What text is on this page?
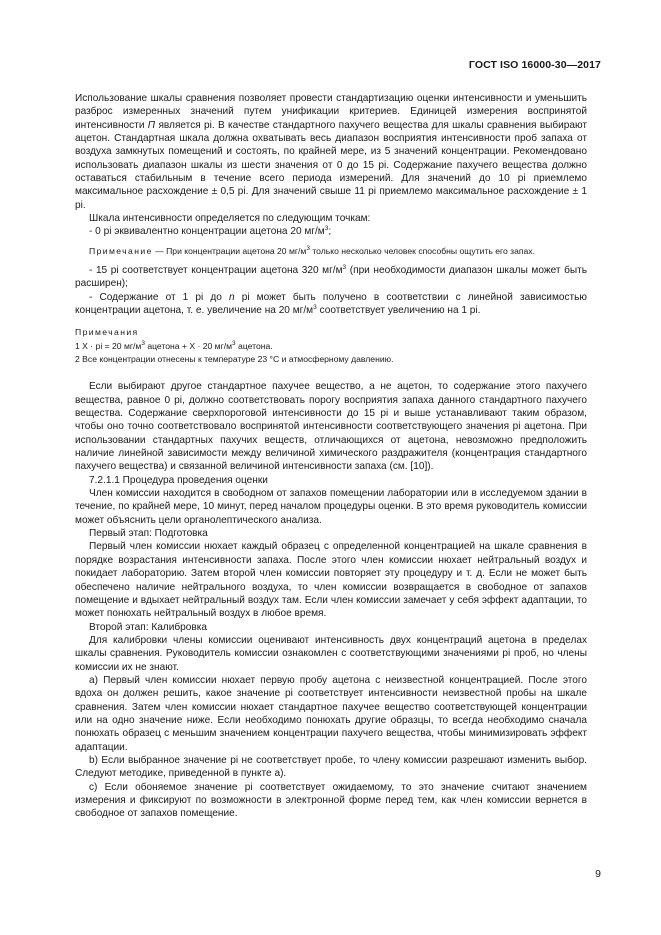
ГОСТ ISO 16000-30—2017

Использование шкалы сравнения позволяет провести стандартизацию оценки интенсивности и уменьшить разброс измеренных значений путем унификации критериев. Единицей измерения воспринятой интенсивности П является pi. В качестве стандартного пахучего вещества для шкалы сравнения выбирают ацетон. Стандартная шкала должна охватывать весь диапазон восприятия интенсивности проб запаха от воздуха замкнутых помещений и состоять, по крайней мере, из 5 значений концентрации. Рекомендовано использовать диапазон шкалы из шести значения от 0 до 15 pi. Содержание пахучего вещества должно оставаться стабильным в течение всего периода измерений. Для значений до 10 pi приемлемо максимальное расхождение ± 0,5 pi. Для значений свыше 11 pi приемлемо максимальное расхождение ± 1 pi.

Шкала интенсивности определяется по следующим точкам:

- 0 pi эквивалентно концентрации ацетона 20 $мг/м^3$;

Примечание — При концентрации ацетона 20 $мг/м^3$ только несколько человек способны ощутить его запах.

- 15 pi соответствует концентрации ацетона 320 $мг/м^3$ (при необходимости диапазон шкалы может быть расширен);

- Содержание от 1 pi до n pi может быть получено в соответствии с линейной зависимостью концентрации ацетона, т. е. увеличение на 20 $мг/м^3$ соответствует увеличению на 1 pi.

Примечания

1 X · pi = 20 $мг/м^3$ ацетона + X · 20 $мг/м^3$ ацетона.

2 Все концентрации отнесены к температуре 23 °С и атмосферному давлению.

Если выбирают другое стандартное пахучее вещество, а не ацетон, то содержание этого пахучего вещества, равное 0 pi, должно соответствовать порогу восприятия запаха данного стандартного пахучего вещества. Содержание сверхпороговой интенсивности до 15 pi и выше устанавливают таким образом, чтобы оно точно соответствовало воспринятой интенсивности соответствующего значения pi ацетона. При использовании стандартных пахучих веществ, отличающихся от ацетона, невозможно предположить наличие линейной зависимости между величиной химического раздражителя (концентрация стандартного пахучего вещества) и связанной величиной интенсивности запаха (см. [10]).

7.2.1.1 Процедура проведения оценки

Член комиссии находится в свободном от запахов помещении лаборатории или в исследуемом здании в течение, по крайней мере, 10 минут, перед началом процедуры оценки. В это время руководитель комиссии может объяснить цели органолептического анализа.

Первый этап: Подготовка

Первый член комиссии нюхает каждый образец с определенной концентрацией на шкале сравнения в порядке возрастания интенсивности запаха. После этого член комиссии нюхает нейтральный воздух и покидает лабораторию. Затем второй член комиссии повторяет эту процедуру и т. д. Если не может быть обеспечено наличие нейтрального воздуха, то член комиссии возвращается в свободное от запахов помещение и вдыхает нейтральный воздух там. Если член комиссии замечает у себя эффект адаптации, то может понюхать нейтральный воздух в любое время.

Второй этап: Калибровка

Для калибровки члены комиссии оценивают интенсивность двух концентраций ацетона в пределах шкалы сравнения. Руководитель комиссии ознакомлен с соответствующими значениями pi проб, но члены комиссии их не знают.

a) Первый член комиссии нюхает первую пробу ацетона с неизвестной концентрацией. После этого вдоха он должен решить, какое значение pi соответствует интенсивности неизвестной пробы на шкале сравнения. Затем член комиссии нюхает стандартное пахучее вещество соответствующей концентрации или на одно значение ниже. Если необходимо понюхать другие образцы, то всегда необходимо сначала понюхать образец с меньшим значением концентрации пахучего вещества, чтобы минимизировать эффект адаптации.

b) Если выбранное значение pi не соответствует пробе, то члену комиссии разрешают изменить выбор. Следуют методике, приведенной в пункте а).

c) Если обоняемое значение pi соответствует ожидаемому, то это значение считают значением измерения и фиксируют по возможности в электронной форме перед тем, как член комиссии вернется в свободное от запахов помещение.

9
